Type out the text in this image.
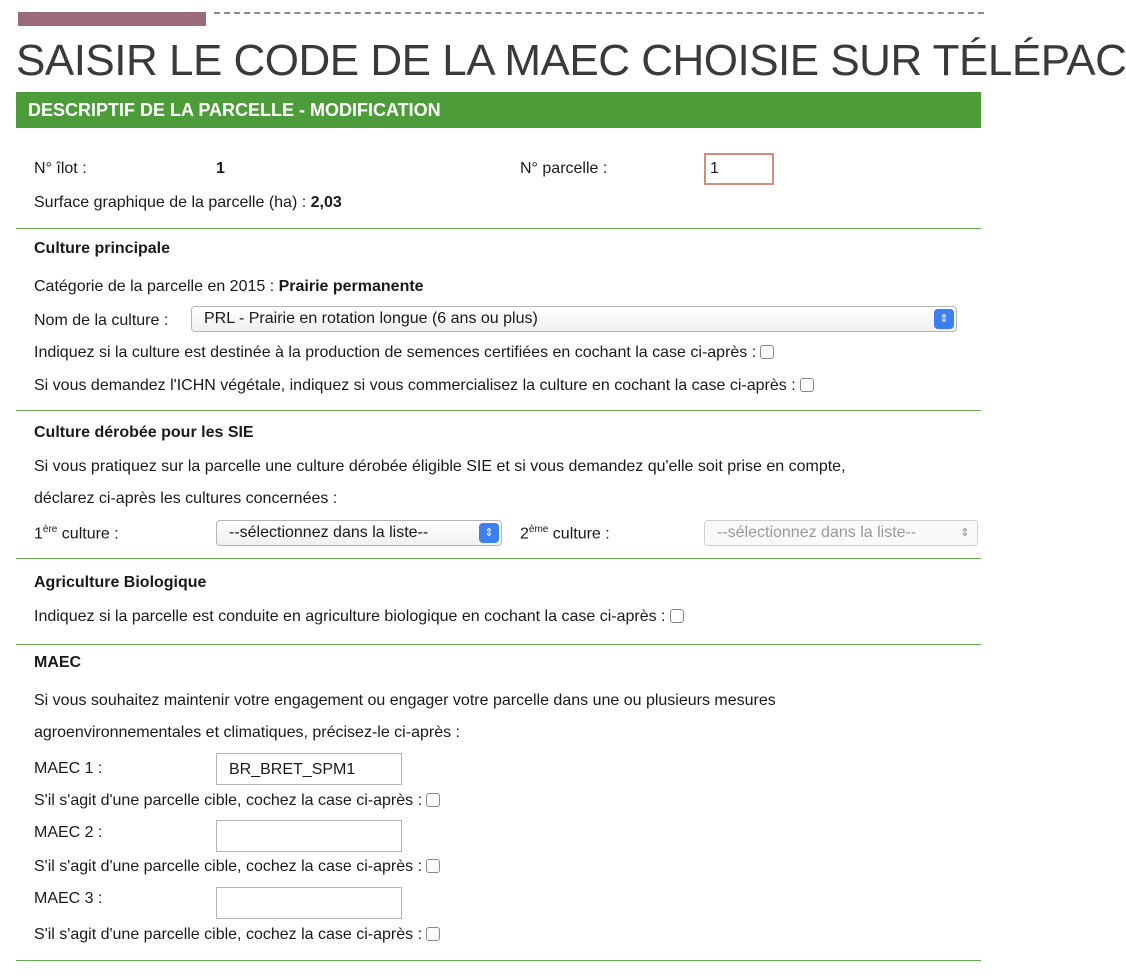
SAISIR LE CODE DE LA MAEC CHOISIE SUR TÉLÉPAC
DESCRIPTIF DE LA PARCELLE - MODIFICATION
N° îlot :	1	N° parcelle :	1
Surface graphique de la parcelle (ha) : 2,03
Culture principale
Catégorie de la parcelle en 2015 : Prairie permanente
Nom de la culture :	PRL - Prairie en rotation longue (6 ans ou plus)	⇕
Indiquez si la culture est destinée à la production de semences certifiées en cochant la case ci-après :
Si vous demandez l'ICHN végétale, indiquez si vous commercialisez la culture en cochant la case ci-après :
Culture dérobée pour les SIE
Si vous pratiquez sur la parcelle une culture dérobée éligible SIE et si vous demandez qu'elle soit prise en compte,
déclarez ci-après les cultures concernées :
1ère culture :	--sélectionnez dans la liste--	⇕	2ème culture :	--sélectionnez dans la liste--	⇕
Agriculture Biologique
Indiquez si la parcelle est conduite en agriculture biologique en cochant la case ci-après :
MAEC
Si vous souhaitez maintenir votre engagement ou engager votre parcelle dans une ou plusieurs mesures
agroenvironnementales et climatiques, précisez-le ci-après :
MAEC 1 :	BR_BRET_SPM1
S'il s'agit d'une parcelle cible, cochez la case ci-après :
MAEC 2 :
S'il s'agit d'une parcelle cible, cochez la case ci-après :
MAEC 3 :
S'il s'agit d'une parcelle cible, cochez la case ci-après :
